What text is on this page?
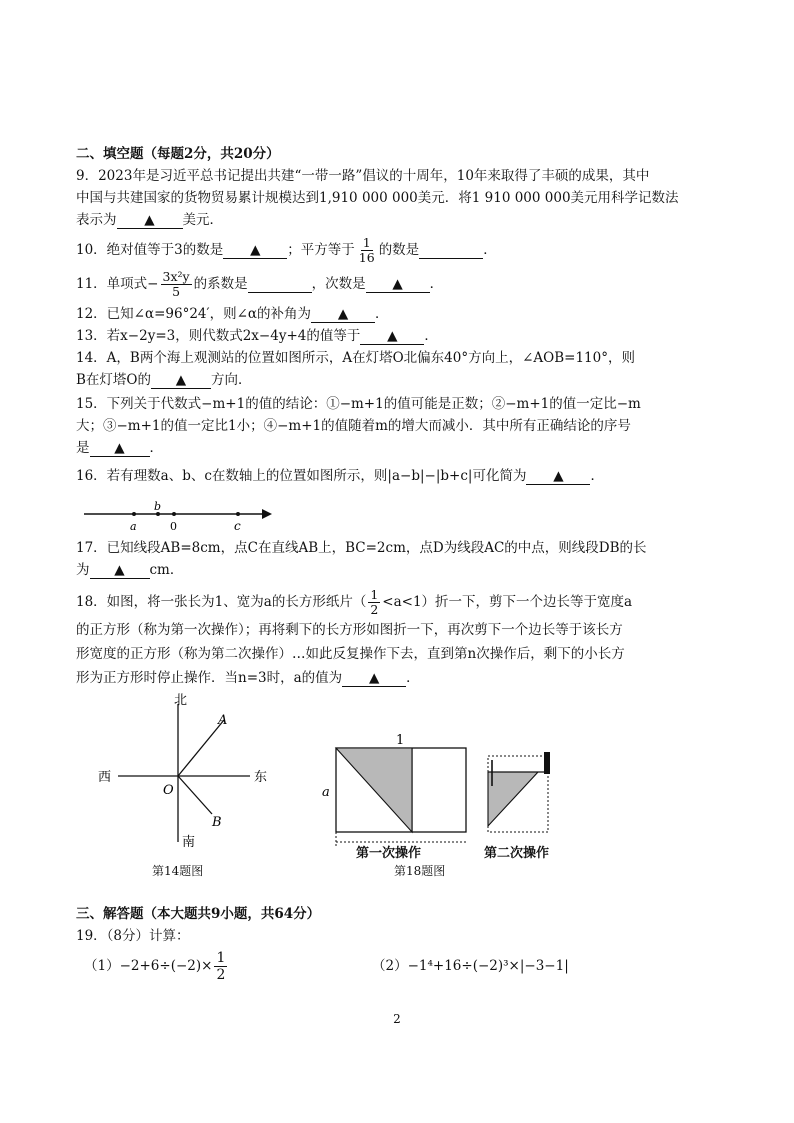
二、填空题（每题2分，共20分）
9．2023年是习近平总书记提出共建“一带一路”倡议的十周年，10年来取得了丰硕的成果，其中
中国与共建国家的货物贸易累计规模达到1,910 000 000美元．将1 910 000 000美元用科学记数法
表示为 ▲ 美元．
10．绝对值等于3的数是 ▲ ；平方等于 $\frac{1}{16}$ 的数是	．
11．单项式− $\frac{\text{3x²y}}{5}$ 的系数是	，次数是 ▲ ．
12．已知∠α=96°24′，则∠α的补角为 ▲ ．
13．若x−2y=3，则代数式2x−4y+4的值等于 ▲ ．
14．A，B两个海上观测站的位置如图所示，A在灯塔O北偏东40°方向上，∠AOB=110°，则
B在灯塔O的 ▲ 方向．
15．下列关于代数式−m+1的值的结论：①−m+1的值可能是正数；②−m+1的值一定比−m
大；③−m+1的值一定比1小；④−m+1的值随着m的增大而减小．其中所有正确结论的序号
是 ▲ ．
16．若有理数a、b、c在数轴上的位置如图所示，则|a−b|−|b+c|可化简为 ▲ ．
a
b
0	c
17．已知线段AB=8cm，点C在直线AB上，BC=2cm，点D为线段AC的中点，则线段DB的长
为 ▲ cm．
18．如图，将一张长为1、宽为a的长方形纸片（ $\frac{1}{2} <a<1$）折一下，剪下一个边长等于宽度a
的正方形（称为第一次操作）；再将剩下的长方形如图折一下，再次剪下一个边长等于该长方
形宽度的正方形（称为第二次操作）…如此反复操作下去，直到第n次操作后，剩下的小长方
形为正方形时停止操作．当n=3时，a的值为 ▲ ．
北
南
西	东
O
A
B
第14题图
1
a
第一次操作	第二次操作
第18题图
三、解答题（本大题共9小题，共64分）
19．（8分）计算：
$(1)-2+6\div(-2)\times \frac{1}{2}$	（2）−1⁴+16÷(−2)³×|−3−1|
2
